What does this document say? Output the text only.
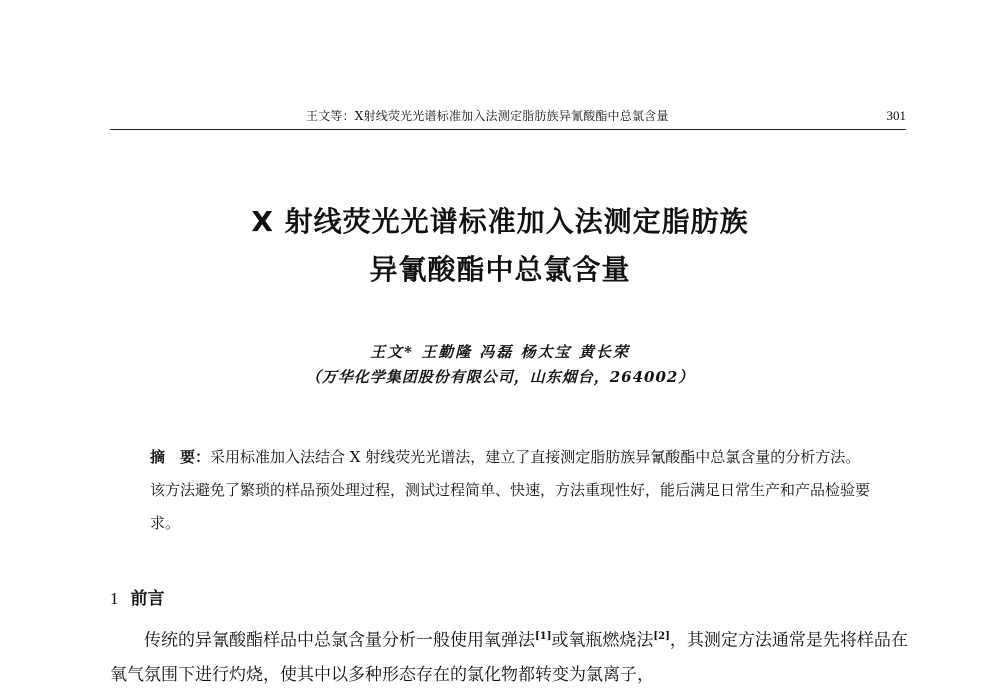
王文等：X射线荧光光谱标准加入法测定脂肪族异氰酸酯中总氯含量	301
X 射线荧光光谱标准加入法测定脂肪族
异氰酸酯中总氯含量
王文* 王勤隆 冯磊 杨太宝 黄长荣
（万华化学集团股份有限公司，山东烟台，264002）
摘　要：采用标准加入法结合 X 射线荧光光谱法，建立了直接测定脂肪族异氰酸酯中总氯含量的分析方法。该方法避免了繁琐的样品预处理过程，测试过程简单、快速，方法重现性好，能后满足日常生产和产品检验要求。
1 前言

传统的异氰酸酯样品中总氯含量分析一般使用氧弹法[1]或氧瓶燃烧法[2]，其测定方法通常是先将样品在氧气氛围下进行灼烧，使其中以多种形态存在的氯化物都转变为氯离子，
